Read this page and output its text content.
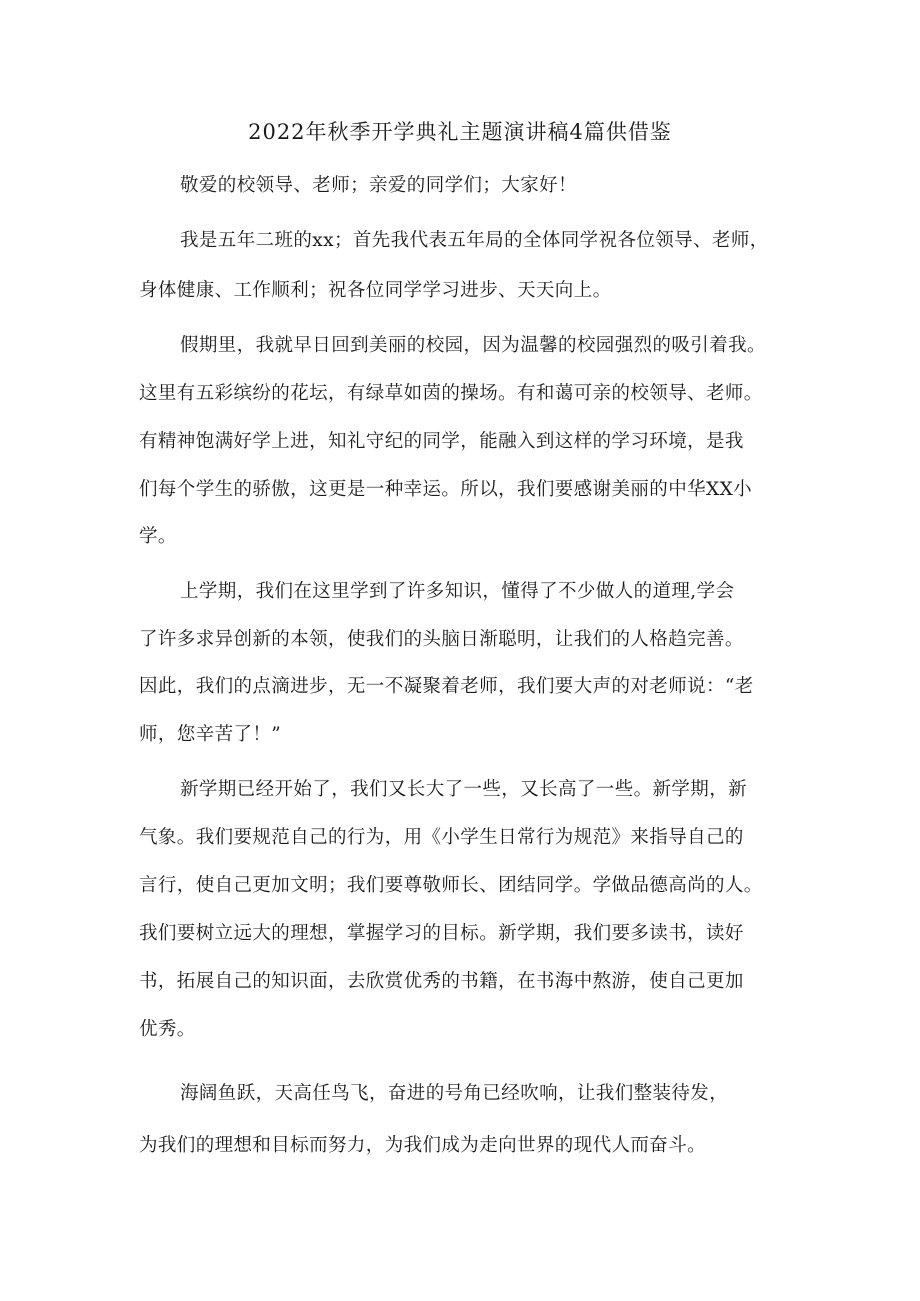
2022年秋季开学典礼主题演讲稿4篇供借鉴
敬爱的校领导、老师；亲爱的同学们；大家好！
我是五年二班的xx；首先我代表五年局的全体同学祝各位领导、老师，
身体健康、工作顺利；祝各位同学学习进步、天天向上。
假期里，我就早日回到美丽的校园，因为温馨的校园强烈的吸引着我。
这里有五彩缤纷的花坛，有绿草如茵的操场。有和蔼可亲的校领导、老师。
有精神饱满好学上进，知礼守纪的同学，能融入到这样的学习环境，是我
们每个学生的骄傲，这更是一种幸运。所以，我们要感谢美丽的中华XX小
学。
上学期，我们在这里学到了许多知识，懂得了不少做人的道理,学会
了许多求异创新的本领，使我们的头脑日渐聪明，让我们的人格趋完善。
因此，我们的点滴进步，无一不凝聚着老师，我们要大声的对老师说：“老
师，您辛苦了！”
新学期已经开始了，我们又长大了一些，又长高了一些。新学期，新
气象。我们要规范自己的行为，用《小学生日常行为规范》来指导自己的
言行，使自己更加文明；我们要尊敬师长、团结同学。学做品德高尚的人。
我们要树立远大的理想，掌握学习的目标。新学期，我们要多读书，读好
书，拓展自己的知识面，去欣赏优秀的书籍，在书海中熬游，使自己更加
优秀。
海阔鱼跃，天高任鸟飞，奋进的号角已经吹响，让我们整装待发，
为我们的理想和目标而努力，为我们成为走向世界的现代人而奋斗。
